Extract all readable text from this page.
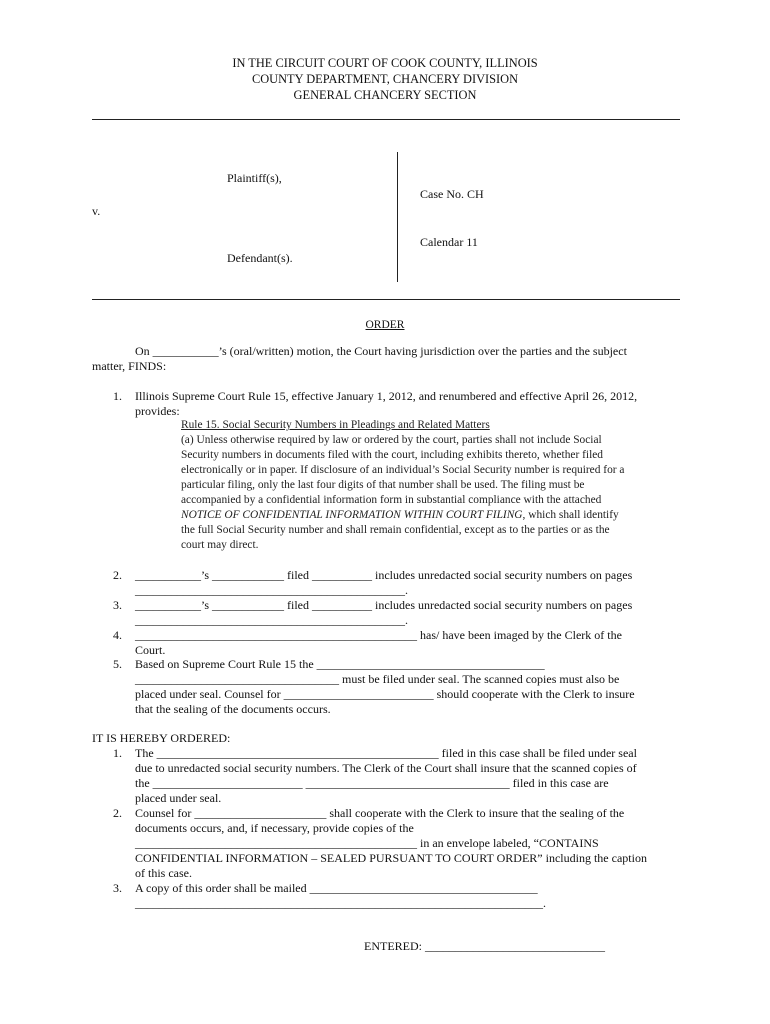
IN THE CIRCUIT COURT OF COOK COUNTY, ILLINOIS
COUNTY DEPARTMENT, CHANCERY DIVISION
GENERAL CHANCERY SECTION
Plaintiff(s),
v.
Defendant(s).
Case No. CH
Calendar 11
ORDER
On ___________’s (oral/written) motion, the Court having jurisdiction over the parties and the subject
matter, FINDS:
1. Illinois Supreme Court Rule 15, effective January 1, 2012, and renumbered and effective April 26, 2012,
provides:
Rule 15. Social Security Numbers in Pleadings and Related Matters
(a) Unless otherwise required by law or ordered by the court, parties shall not include Social
Security numbers in documents filed with the court, including exhibits thereto, whether filed
electronically or in paper. If disclosure of an individual’s Social Security number is required for a
particular filing, only the last four digits of that number shall be used. The filing must be
accompanied by a confidential information form in substantial compliance with the attached
NOTICE OF CONFIDENTIAL INFORMATION WITHIN COURT FILING, which shall identify
the full Social Security number and shall remain confidential, except as to the parties or as the
court may direct.
2. ___________’s ____________ filed __________ includes unredacted social security numbers on pages
_____________________________________________.
3. ___________’s ____________ filed __________ includes unredacted social security numbers on pages
_____________________________________________.
4. _______________________________________________ has/ have been imaged by the Clerk of the
Court.
5. Based on Supreme Court Rule 15 the ______________________________________
__________________________________ must be filed under seal. The scanned copies must also be
placed under seal. Counsel for _________________________ should cooperate with the Clerk to insure
that the sealing of the documents occurs.
IT IS HEREBY ORDERED:
1. The _______________________________________________ filed in this case shall be filed under seal
due to unredacted social security numbers. The Clerk of the Court shall insure that the scanned copies of
the _________________________ __________________________________ filed in this case are
placed under seal.
2. Counsel for ______________________ shall cooperate with the Clerk to insure that the sealing of the
documents occurs, and, if necessary, provide copies of the
_______________________________________________ in an envelope labeled, “CONTAINS
CONFIDENTIAL INFORMATION – SEALED PURSUANT TO COURT ORDER” including the caption
of this case.
3. A copy of this order shall be mailed ______________________________________
____________________________________________________________________.
ENTERED: ______________________________
